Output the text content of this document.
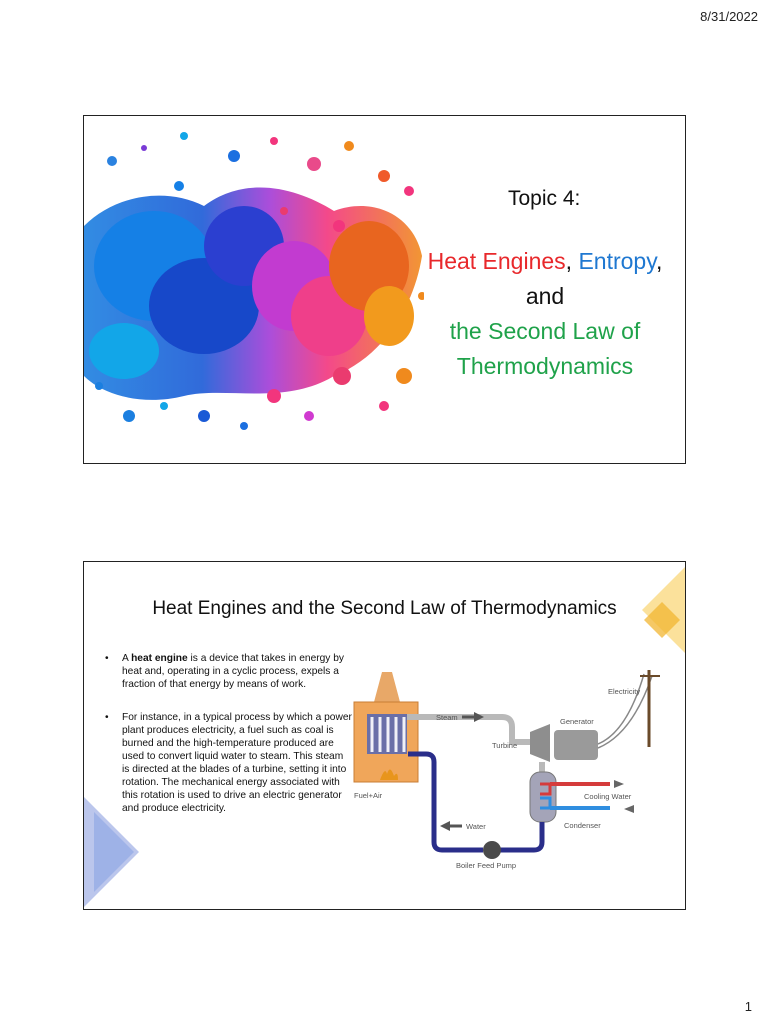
8/31/2022
Topic 4:
Heat Engines, Entropy,
and
the Second Law of
Thermodynamics
Heat Engines and the Second Law of Thermodynamics
• A heat engine is a device that takes in energy by heat and, operating in a cyclic process, expels a fraction of that energy by means of work.
• For instance, in a typical process by which a power plant produces electricity, a fuel such as coal is burned and the high-temperature produced are used to convert liquid water to steam. This steam is directed at the blades of a turbine, setting it into rotation. The mechanical energy associated with this rotation is used to drive an electric generator and produce electricity.
Steam
Electricity
Generator
Turbine
Fuel+Air
Water
Cooling Water
Condenser
Boiler Feed Pump
1
